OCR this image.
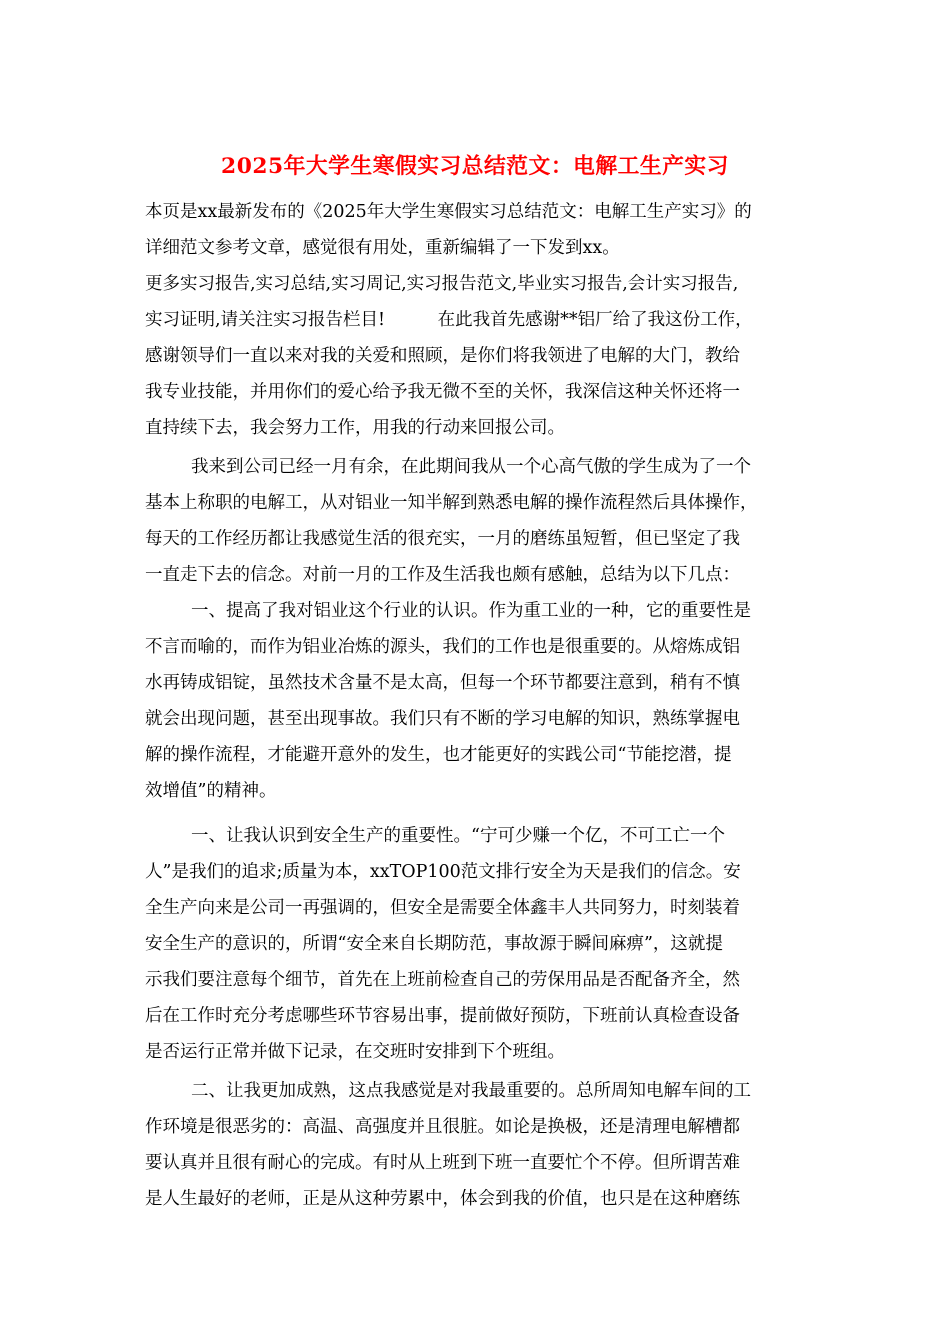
2025年大学生寒假实习总结范文：电解工生产实习
本页是xx最新发布的《2025年大学生寒假实习总结范文：电解工生产实习》的
详细范文参考文章，感觉很有用处，重新编辑了一下发到xx。
更多实习报告,实习总结,实习周记,实习报告范文,毕业实习报告,会计实习报告,
实习证明,请关注实习报告栏目!　　　在此我首先感谢**铝厂给了我这份工作，
感谢领导们一直以来对我的关爱和照顾，是你们将我领进了电解的大门，教给
我专业技能，并用你们的爱心给予我无微不至的关怀，我深信这种关怀还将一
直持续下去，我会努力工作，用我的行动来回报公司。
我来到公司已经一月有余，在此期间我从一个心高气傲的学生成为了一个
基本上称职的电解工，从对铝业一知半解到熟悉电解的操作流程然后具体操作，
每天的工作经历都让我感觉生活的很充实，一月的磨练虽短暂，但已坚定了我
一直走下去的信念。对前一月的工作及生活我也颇有感触，总结为以下几点：
一、提高了我对铝业这个行业的认识。作为重工业的一种，它的重要性是
不言而喻的，而作为铝业冶炼的源头，我们的工作也是很重要的。从熔炼成铝
水再铸成铝锭，虽然技术含量不是太高，但每一个环节都要注意到，稍有不慎
就会出现问题，甚至出现事故。我们只有不断的学习电解的知识，熟练掌握电
解的操作流程，才能避开意外的发生，也才能更好的实践公司“节能挖潜，提
效增值”的精神。
一、让我认识到安全生产的重要性。“宁可少赚一个亿，不可工亡一个
人”是我们的追求;质量为本，xxTOP100范文排行安全为天是我们的信念。安
全生产向来是公司一再强调的，但安全是需要全体鑫丰人共同努力，时刻装着
安全生产的意识的，所谓“安全来自长期防范，事故源于瞬间麻痹”，这就提
示我们要注意每个细节，首先在上班前检查自己的劳保用品是否配备齐全，然
后在工作时充分考虑哪些环节容易出事，提前做好预防，下班前认真检查设备
是否运行正常并做下记录，在交班时安排到下个班组。
二、让我更加成熟，这点我感觉是对我最重要的。总所周知电解车间的工
作环境是很恶劣的：高温、高强度并且很脏。如论是换极，还是清理电解槽都
要认真并且很有耐心的完成。有时从上班到下班一直要忙个不停。但所谓苦难
是人生最好的老师，正是从这种劳累中，体会到我的价值，也只是在这种磨练
